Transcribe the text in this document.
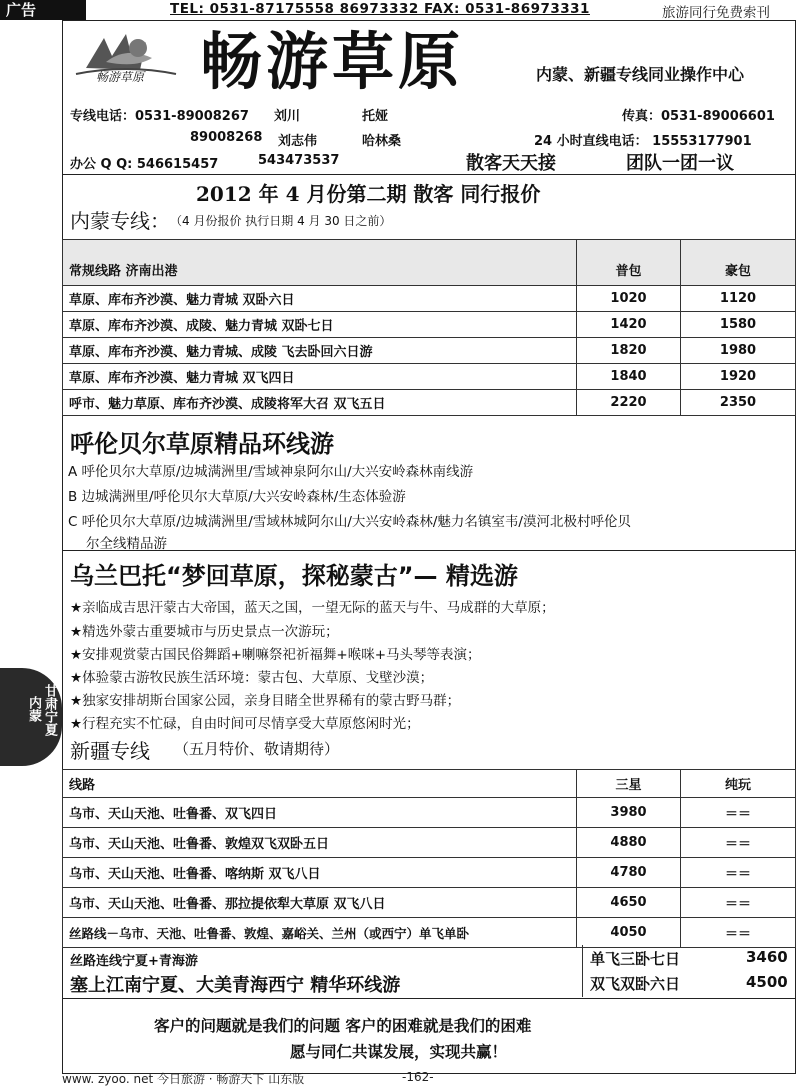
广告	TEL: 0531-87175558 86973332 FAX: 0531-86973331	旅游同行免费索刊
畅游草原 畅游草原	内蒙、新疆专线同业操作中心
专线电话：0531-89008267 刘川	托娅	传真：0531-89006601
89008268 刘志伟	哈林桑	24 小时直线电话： 15553177901
办公 Q Q: 546615457	543473537	散客天天接	团队一团一议
2012 年 4 月份第二期 散客 同行报价
内蒙专线： （4 月份报价 执行日期 4 月 30 日之前）
常规线路 济南出港	普包	豪包
草原、库布齐沙漠、魅力青城 双卧六日	1020	1120
草原、库布齐沙漠、成陵、魅力青城 双卧七日	1420	1580
草原、库布齐沙漠、魅力青城、成陵 飞去卧回六日游	1820	1980
草原、库布齐沙漠、魅力青城 双飞四日	1840	1920
呼市、魅力草原、库布齐沙漠、成陵将军大召 双飞五日	2220	2350
呼伦贝尔草原精品环线游
A 呼伦贝尔大草原/边城满洲里/雪域神泉阿尔山/大兴安岭森林南线游
B 边城满洲里/呼伦贝尔大草原/大兴安岭森林/生态体验游
C 呼伦贝尔大草原/边城满洲里/雪域林城阿尔山/大兴安岭森林/魅力名镇室韦/漠河北极村呼伦贝
尔全线精品游
乌兰巴托“梦回草原，探秘蒙古”— 精选游
★亲临成吉思汗蒙古大帝国，蓝天之国，一望无际的蓝天与牛、马成群的大草原；
★精选外蒙古重要城市与历史景点一次游玩；
★安排观赏蒙古国民俗舞蹈+喇嘛祭祀祈福舞+喉咪+马头琴等表演；
★体验蒙古游牧民族生活环境：蒙古包、大草原、戈壁沙漠；
★独家安排胡斯台国家公园，亲身目睹全世界稀有的蒙古野马群；
★行程充实不忙碌，自由时间可尽情享受大草原悠闲时光；
内蒙 甘肃宁夏
新疆专线 （五月特价、敬请期待）
线路	三星	纯玩
乌市、天山天池、吐鲁番、双飞四日	3980	＝＝
乌市、天山天池、吐鲁番、敦煌双飞双卧五日	4880	＝＝
乌市、天山天池、吐鲁番、喀纳斯 双飞八日	4780	＝＝
乌市、天山天池、吐鲁番、那拉提依犁大草原 双飞八日	4650	＝＝
丝路线－乌市、天池、吐鲁番、敦煌、嘉峪关、兰州（或西宁）单飞单卧	4050	＝＝
丝路连线宁夏+青海游
塞上江南宁夏、大美青海西宁 精华环线游
单飞三卧七日	3460
双飞双卧六日	4500
客户的问题就是我们的问题 客户的困难就是我们的困难
愿与同仁共谋发展，实现共赢！
www. zyoo. net 今日旅游 · 畅游天下 山东版	-162-
